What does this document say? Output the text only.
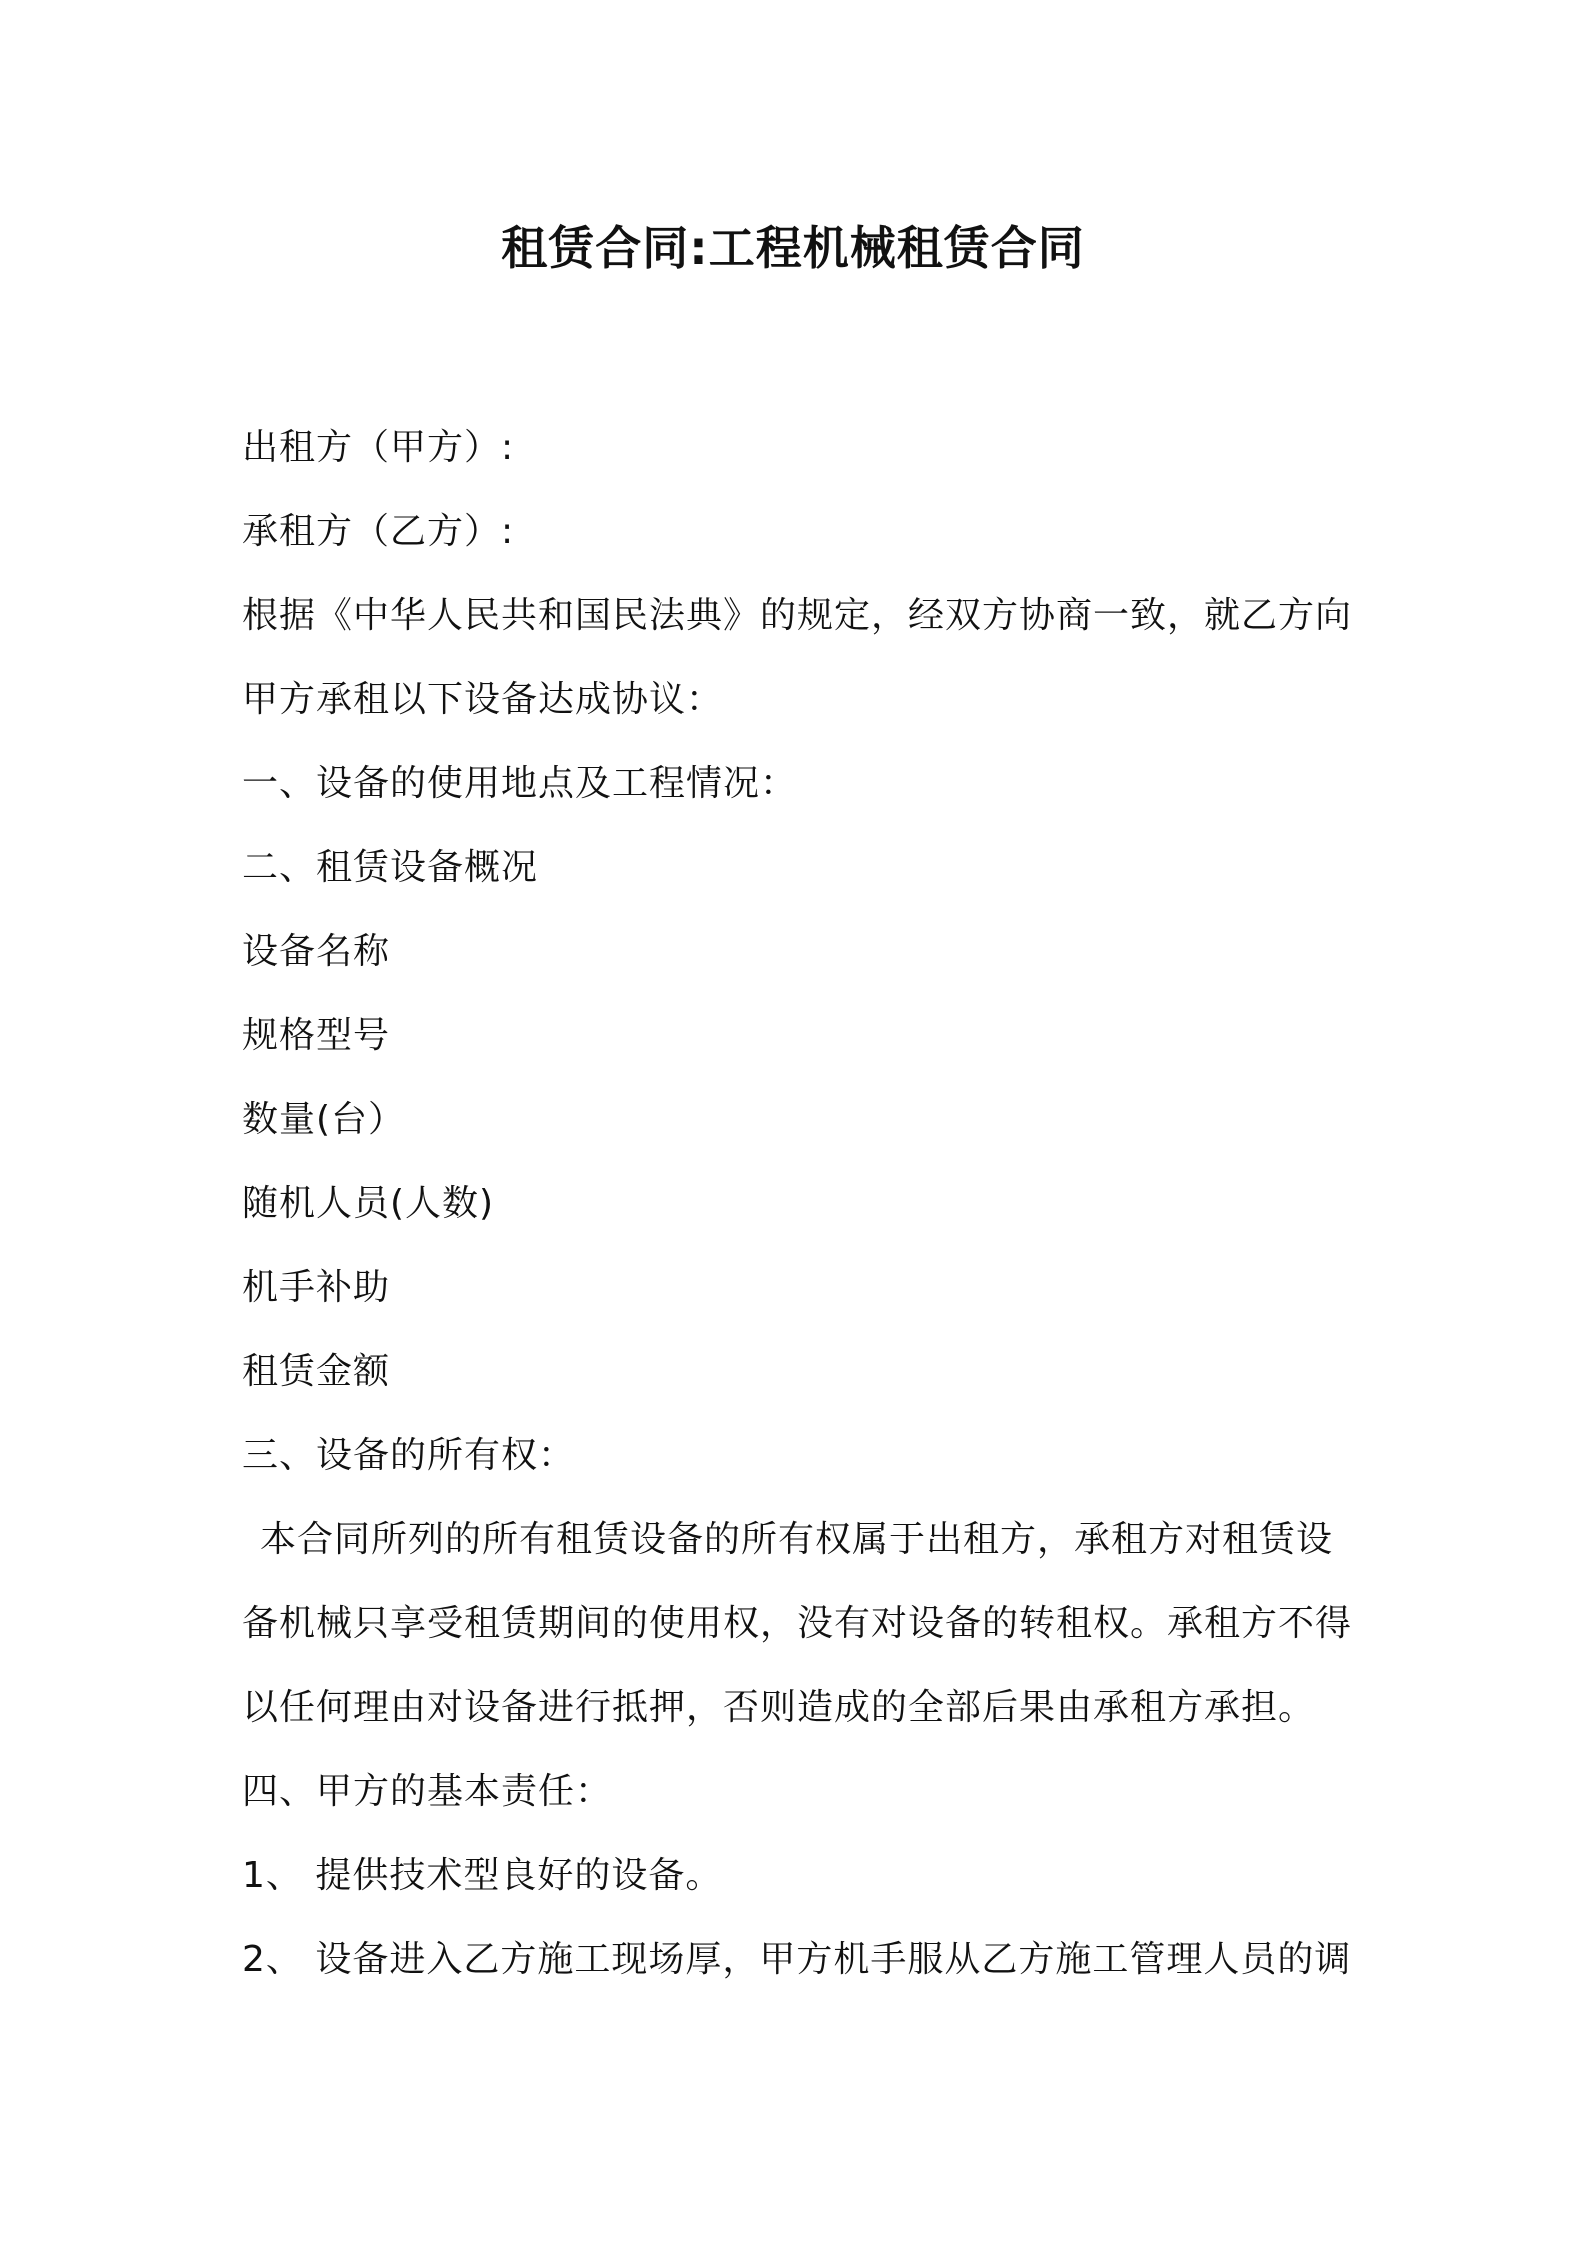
租赁合同:工程机械租赁合同

出租方（甲方）:

承租方（乙方）:

根据《中华人民共和国民法典》的规定，经双方协商一致，就乙方向

甲方承租以下设备达成协议：

一、设备的使用地点及工程情况：

二、租赁设备概况

设备名称

规格型号

数量(台）

随机人员(人数)

机手补助

租赁金额

三、设备的所有权：

本合同所列的所有租赁设备的所有权属于出租方，承租方对租赁设

备机械只享受租赁期间的使用权，没有对设备的转租权。承租方不得

以任何理由对设备进行抵押，否则造成的全部后果由承租方承担。

四、甲方的基本责任：

1、 提供技术型良好的设备。

2、 设备进入乙方施工现场厚，甲方机手服从乙方施工管理人员的调
